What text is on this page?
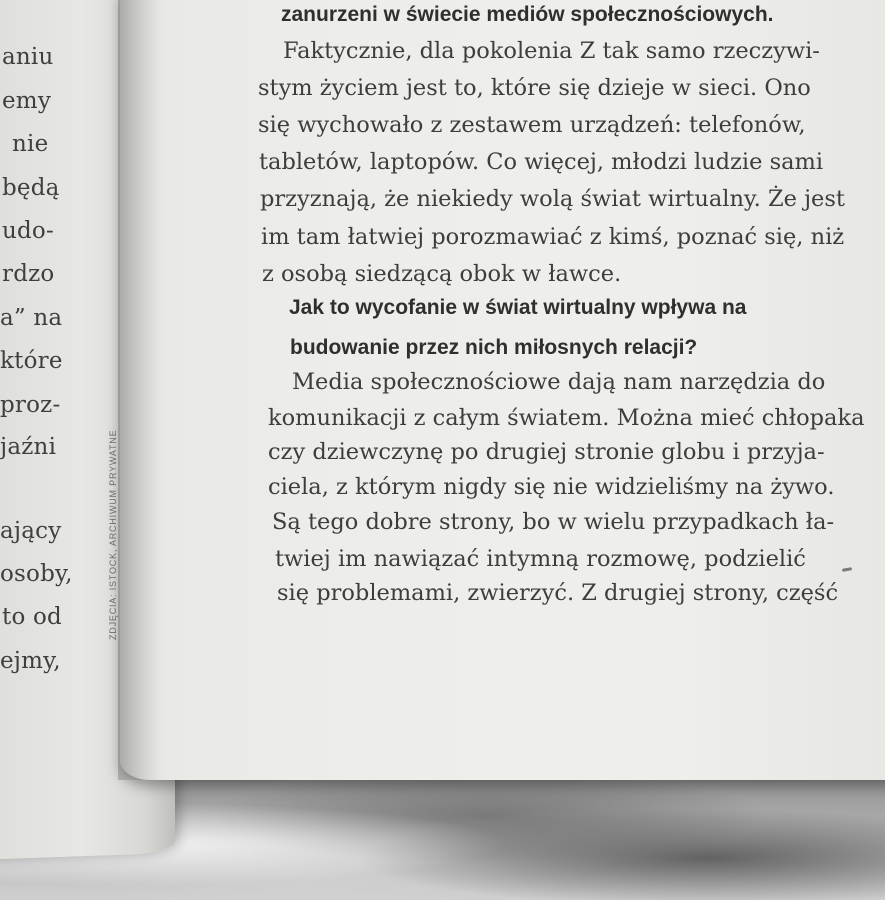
aniu
emy
nie
będą
udo-
rdzo
a” na
które
proz-
jaźni
ający
osoby,
to od
ejmy,
ZDJĘCIA: ISTOCK, ARCHIWUM PRYWATNE
zanurzeni w świecie mediów społecznościowych.
Faktycznie, dla pokolenia Z tak samo rzeczywi-
stym życiem jest to, które się dzieje w sieci. Ono
się wychowało z zestawem urządzeń: telefonów,
tabletów, laptopów. Co więcej, młodzi ludzie sami
przyznają, że niekiedy wolą świat wirtualny. Że jest
im tam łatwiej porozmawiać z kimś, poznać się, niż
z osobą siedzącą obok w ławce.
Jak to wycofanie w świat wirtualny wpływa na
budowanie przez nich miłosnych relacji?
Media społecznościowe dają nam narzędzia do
komunikacji z całym światem. Można mieć chłopaka
czy dziewczynę po drugiej stronie globu i przyja-
ciela, z którym nigdy się nie widzieliśmy na żywo.
Są tego dobre strony, bo w wielu przypadkach ła-
twiej im nawiązać intymną rozmowę, podzielić
się problemami, zwierzyć. Z drugiej strony, część
